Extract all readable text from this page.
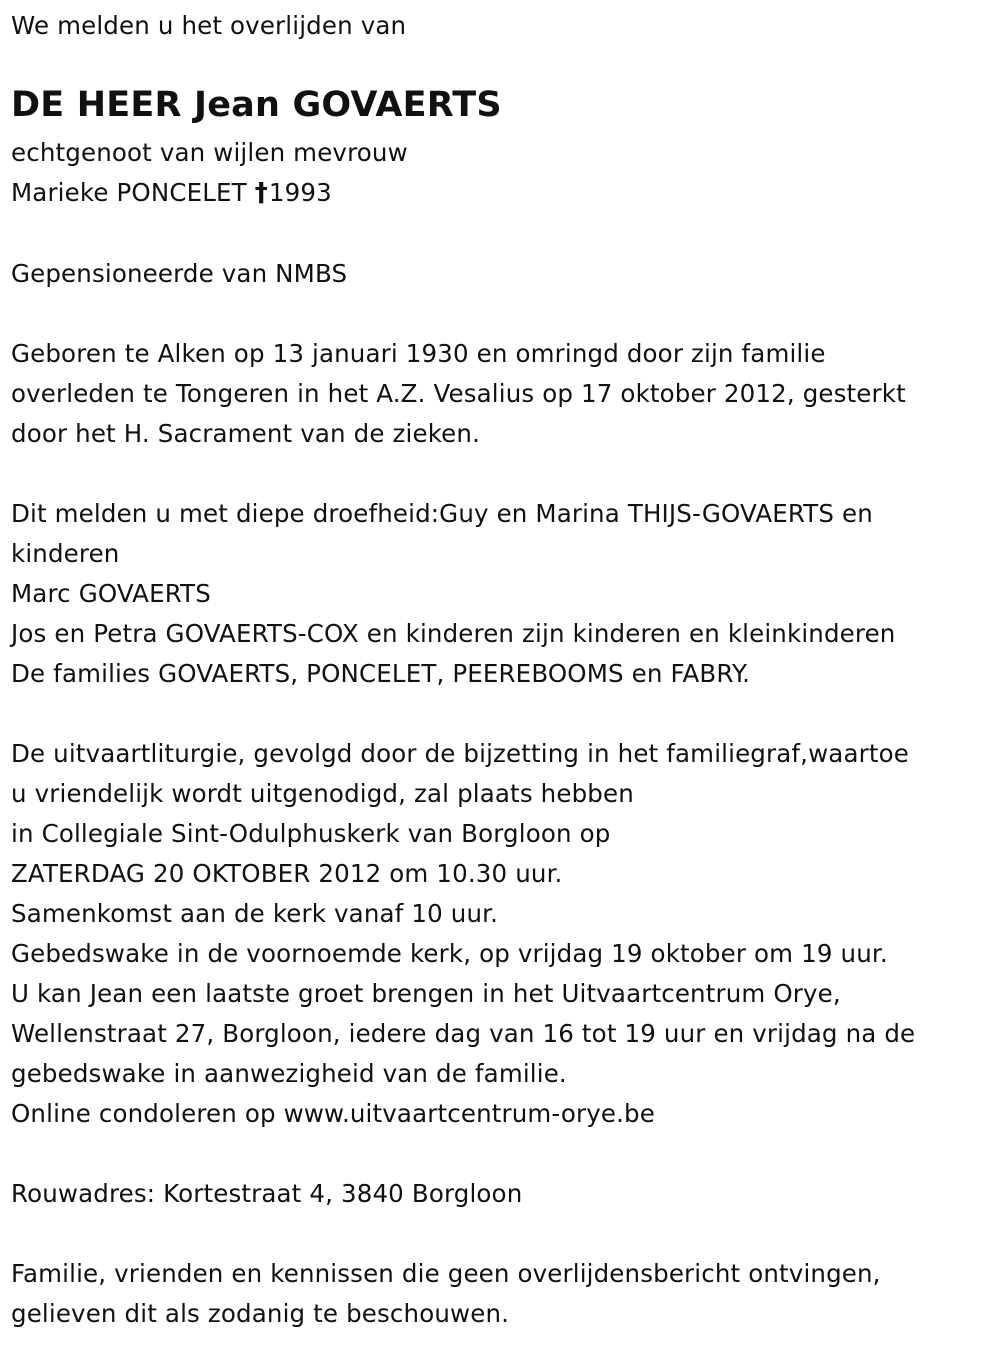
We melden u het overlijden van
DE HEER Jean GOVAERTS
echtgenoot van wijlen mevrouw
Marieke PONCELET †1993
Gepensioneerde van NMBS
Geboren te Alken op 13 januari 1930 en omringd door zijn familie
overleden te Tongeren in het A.Z. Vesalius op 17 oktober 2012, gesterkt
door het H. Sacrament van de zieken.
Dit melden u met diepe droefheid:Guy en Marina THIJS-GOVAERTS en
kinderen
Marc GOVAERTS
Jos en Petra GOVAERTS-COX en kinderen zijn kinderen en kleinkinderen
De families GOVAERTS, PONCELET, PEEREBOOMS en FABRY.
De uitvaartliturgie, gevolgd door de bijzetting in het familiegraf,waartoe
u vriendelijk wordt uitgenodigd, zal plaats hebben
in Collegiale Sint-Odulphuskerk van Borgloon op
ZATERDAG 20 OKTOBER 2012 om 10.30 uur.
Samenkomst aan de kerk vanaf 10 uur.
Gebedswake in de voornoemde kerk, op vrijdag 19 oktober om 19 uur.
U kan Jean een laatste groet brengen in het Uitvaartcentrum Orye,
Wellenstraat 27, Borgloon, iedere dag van 16 tot 19 uur en vrijdag na de
gebedswake in aanwezigheid van de familie.
Online condoleren op www.uitvaartcentrum-orye.be
Rouwadres: Kortestraat 4, 3840 Borgloon
Familie, vrienden en kennissen die geen overlijdensbericht ontvingen,
gelieven dit als zodanig te beschouwen.
